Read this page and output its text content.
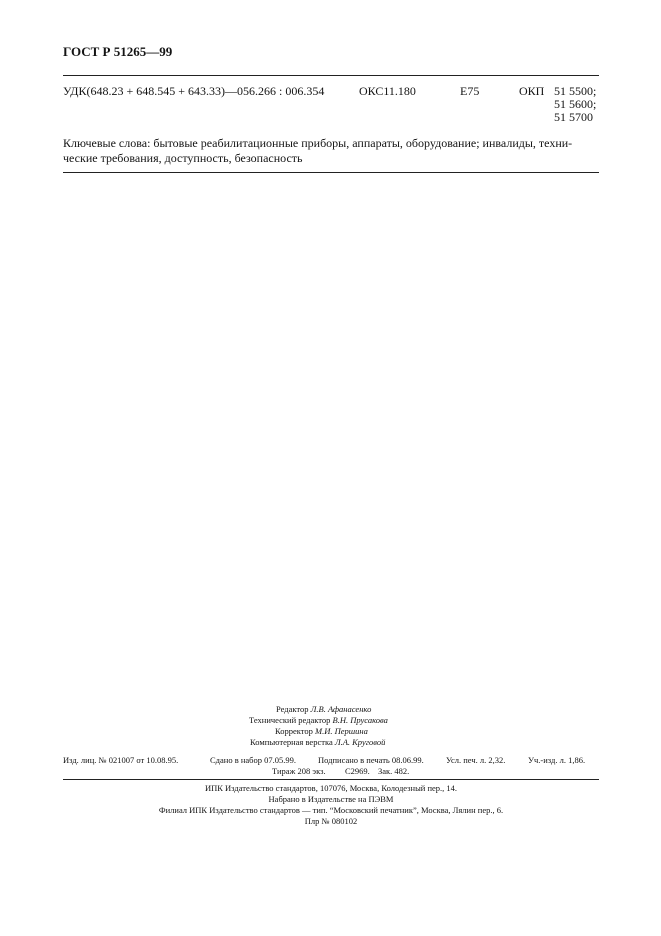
ГОСТ Р 51265—99
УДК(648.23 + 648.545 + 643.33)—056.266 : 006.354	ОКС11.180	Е75	ОКП 51 5500;
51 5600;
51 5700
Ключевые слова: бытовые реабилитационные приборы, аппараты, оборудование; инвалиды, техни-
ческие требования, доступность, безопасность
Редактор Л.В. Афанасенко
Технический редактор В.Н. Прусакова
Корректор М.И. Першина
Компьютерная верстка Л.А. Круговой
Изд. лиц. № 021007 от 10.08.95.	Сдано в набор 07.05.99.	Подписано в печать 08.06.99.	Усл. печ. л. 2,32.	Уч.-изд. л. 1,86.
Тираж 208 экз. С2969. Зак. 482.
ИПК Издательство стандартов, 107076, Москва, Колодезный пер., 14.
Набрано в Издательстве на ПЭВМ
Филиал ИПК Издательство стандартов — тип. “Московский печатник”, Москва, Лялин пер., 6.
Плр № 080102
